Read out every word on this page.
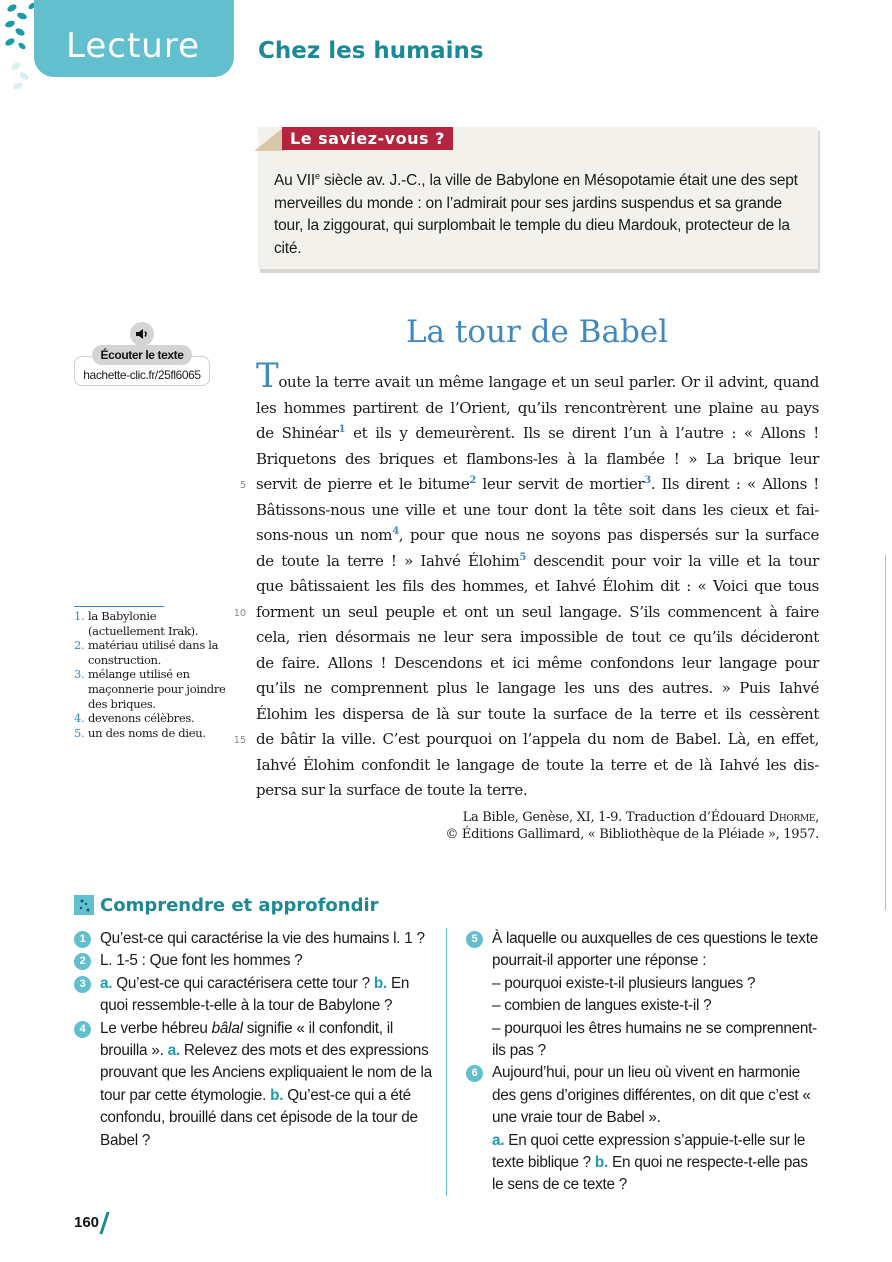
Lecture	Chez les humains
Le saviez-vous ?
Au VIIe siècle av. J.-C., la ville de Babylone en Mésopotamie était une des sept merveilles du monde : on l’admirait pour ses jardins suspendus et sa grande tour, la ziggourat, qui surplombait le temple du dieu Mardouk, protecteur de la cité.
hachette-clic.fr/25fl6065
Écouter le texte
La tour de Babel
Toute la terre avait un même langage et un seul parler. Or il advint, quand
les hommes partirent de l’Orient, qu’ils rencontrèrent une plaine au pays
de Shinéar$^1$ et ils y demeurèrent. Ils se dirent l’un à l’autre : « Allons !
Briquetons des briques et flambons-les à la flambée ! » La brique leur
servit de pierre et le bitume$^2$ leur servit de mortier$^3$. Ils dirent : « Allons !
Bâtissons-nous une ville et une tour dont la tête soit dans les cieux et fai-
sons-nous un nom$^4$, pour que nous ne soyons pas dispersés sur la surface
de toute la terre ! » Iahvé Élohim$^5$ descendit pour voir la ville et la tour
que bâtissaient les fils des hommes, et Iahvé Élohim dit : « Voici que tous
forment un seul peuple et ont un seul langage. S’ils commencent à faire
cela, rien désormais ne leur sera impossible de tout ce qu’ils décideront
de faire. Allons ! Descendons et ici même confondons leur langage pour
qu’ils ne comprennent plus le langage les uns des autres. » Puis Iahvé
Élohim les dispersa de là sur toute la surface de la terre et ils cessèrent
de bâtir la ville. C’est pourquoi on l’appela du nom de Babel. Là, en effet,
Iahvé Élohim confondit le langage de toute la terre et de là Iahvé les dis-
persa sur la surface de toute la terre.
5
10
15
La Bible, Genèse, XI, 1-9. Traduction d’Édouard Dhorme,
© Éditions Gallimard, « Bibliothèque de la Pléiade », 1957.
1. la Babylonie (actuellement Irak).
2. matériau utilisé dans la construction.
3. mélange utilisé en maçonnerie pour joindre des briques.
4. devenons célèbres.
5. un des noms de dieu.
Comprendre et approfondir
1 Qu’est-ce qui caractérise la vie des humains l. 1 ?
2 L. 1-5 : Que font les hommes ?
3 a. Qu’est-ce qui caractérisera cette tour ? b. En quoi ressemble-t-elle à la tour de Babylone ?
4 Le verbe hébreu bâlal signifie « il confondit, il brouilla ». a. Relevez des mots et des expressions prouvant que les Anciens expliquaient le nom de la tour par cette étymologie. b. Qu’est-ce qui a été confondu, brouillé dans cet épisode de la tour de Babel ?
5 À laquelle ou auxquelles de ces questions le texte pourrait-il apporter une réponse :
– pourquoi existe-t-il plusieurs langues ?
– combien de langues existe-t-il ?
– pourquoi les êtres humains ne se comprennent-ils pas ?
6 Aujourd’hui, pour un lieu où vivent en harmonie des gens d’origines différentes, on dit que c’est « une vraie tour de Babel ».
a. En quoi cette expression s’appuie-t-elle sur le texte biblique ? b. En quoi ne respecte-t-elle pas le sens de ce texte ?
160
